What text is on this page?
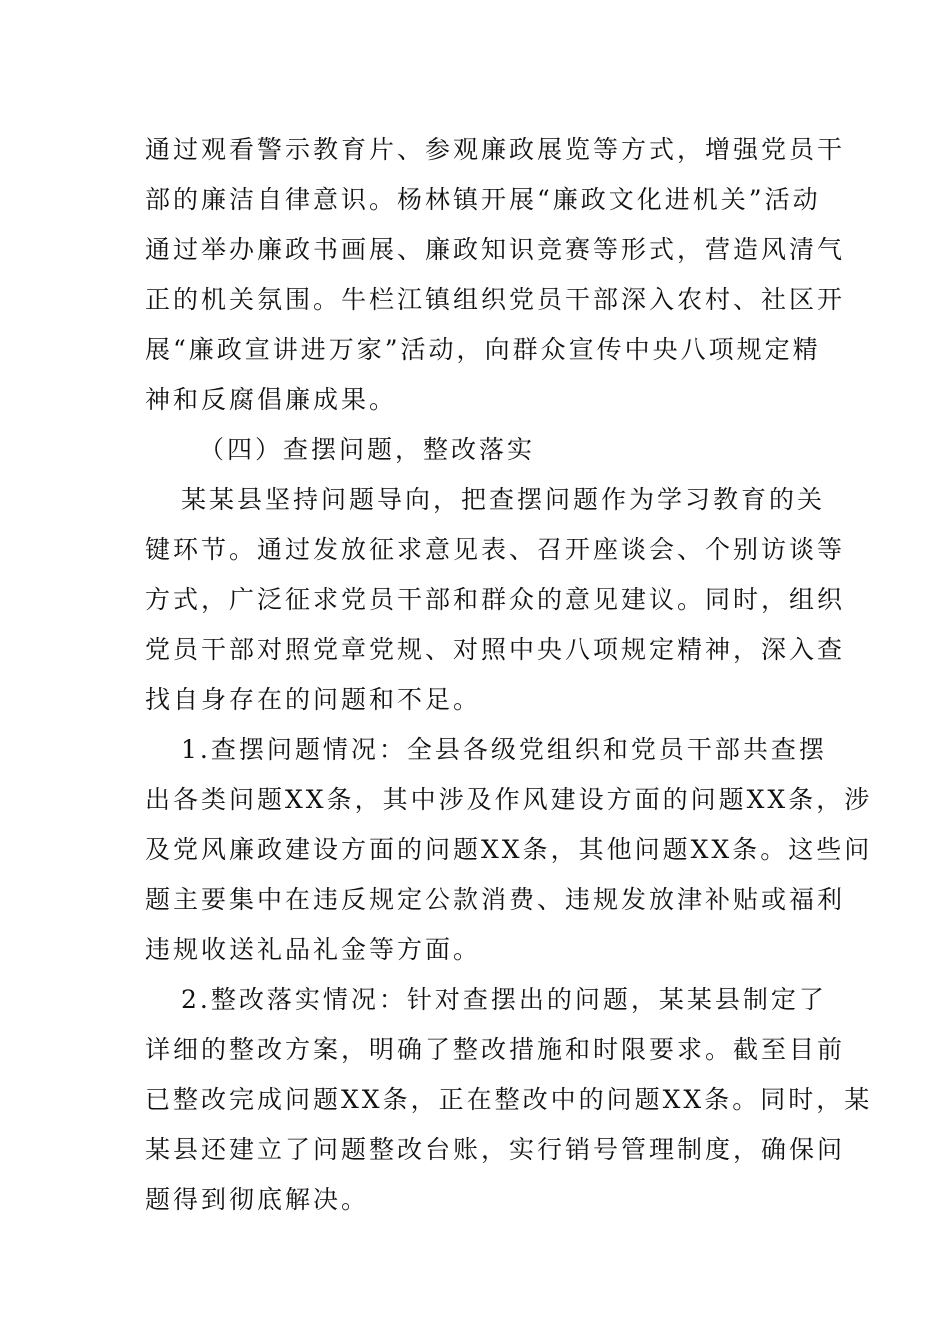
通过观看警示教育片、参观廉政展览等方式，增强党员干
部的廉洁自律意识。杨林镇开展“廉政文化进机关”活动
通过举办廉政书画展、廉政知识竞赛等形式，营造风清气
正的机关氛围。牛栏江镇组织党员干部深入农村、社区开
展“廉政宣讲进万家”活动，向群众宣传中央八项规定精
神和反腐倡廉成果。
（四）查摆问题，整改落实
某某县坚持问题导向，把查摆问题作为学习教育的关
键环节。通过发放征求意见表、召开座谈会、个别访谈等
方式，广泛征求党员干部和群众的意见建议。同时，组织
党员干部对照党章党规、对照中央八项规定精神，深入查
找自身存在的问题和不足。
1.查摆问题情况：全县各级党组织和党员干部共查摆
出各类问题XX条，其中涉及作风建设方面的问题XX条，涉
及党风廉政建设方面的问题XX条，其他问题XX条。这些问
题主要集中在违反规定公款消费、违规发放津补贴或福利
违规收送礼品礼金等方面。
2.整改落实情况：针对查摆出的问题，某某县制定了
详细的整改方案，明确了整改措施和时限要求。截至目前
已整改完成问题XX条，正在整改中的问题XX条。同时，某
某县还建立了问题整改台账，实行销号管理制度，确保问
题得到彻底解决。
